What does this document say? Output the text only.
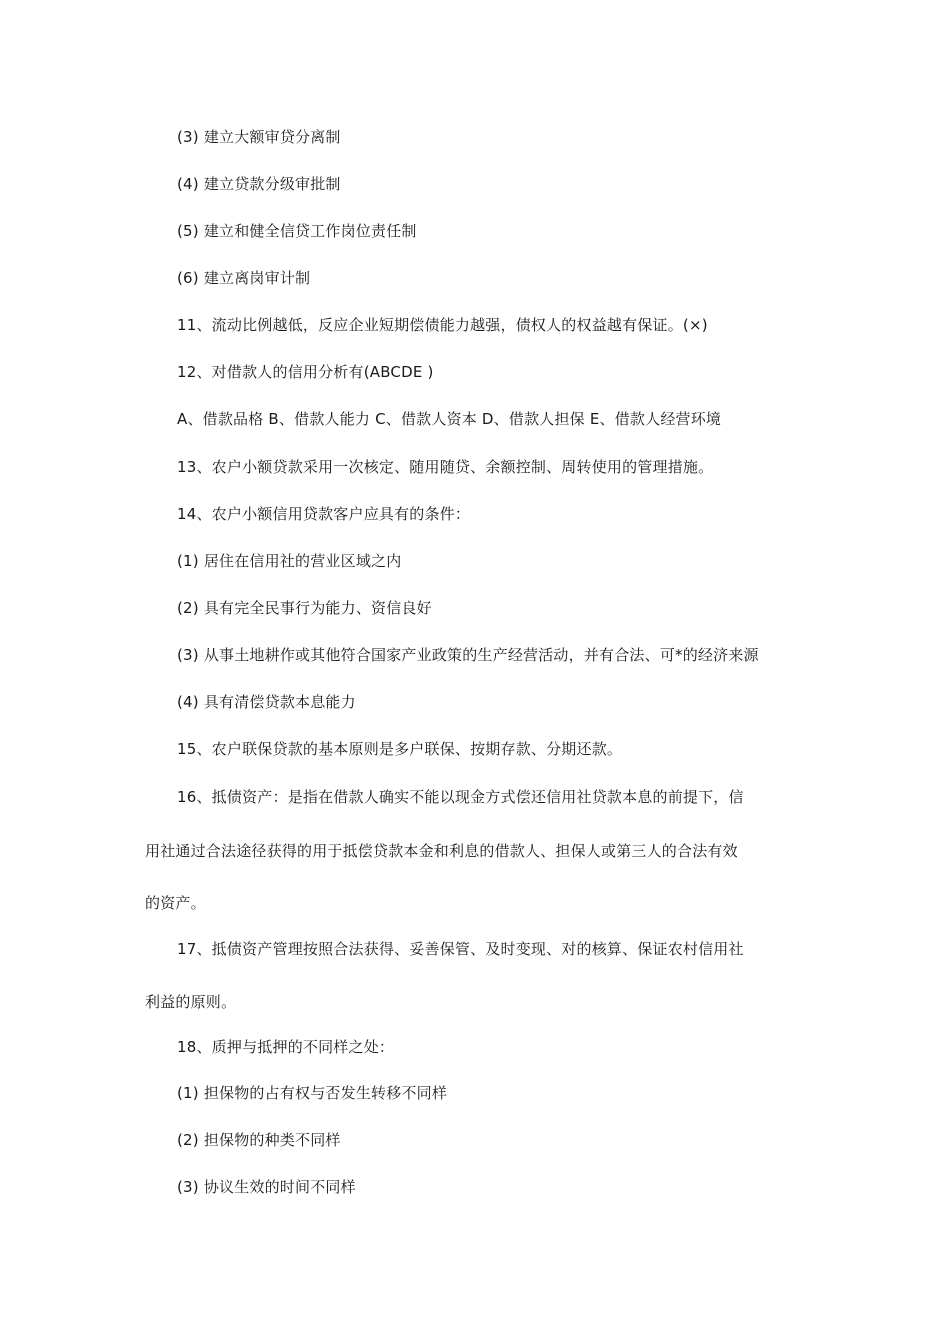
(3) 建立大额审贷分离制
(4) 建立贷款分级审批制
(5) 建立和健全信贷工作岗位责任制
(6) 建立离岗审计制
11、流动比例越低，反应企业短期偿债能力越强，债权人的权益越有保证。(×)
12、对借款人的信用分析有(ABCDE )
A、借款品格 B、借款人能力 C、借款人资本 D、借款人担保 E、借款人经营环境
13、农户小额贷款采用一次核定、随用随贷、余额控制、周转使用的管理措施。
14、农户小额信用贷款客户应具有的条件：
(1) 居住在信用社的营业区域之内
(2) 具有完全民事行为能力、资信良好
(3) 从事土地耕作或其他符合国家产业政策的生产经营活动，并有合法、可*的经济来源
(4) 具有清偿贷款本息能力
15、农户联保贷款的基本原则是多户联保、按期存款、分期还款。
16、抵债资产：是指在借款人确实不能以现金方式偿还信用社贷款本息的前提下，信
用社通过合法途径获得的用于抵偿贷款本金和利息的借款人、担保人或第三人的合法有效
的资产。
17、抵债资产管理按照合法获得、妥善保管、及时变现、对的核算、保证农村信用社
利益的原则。
18、质押与抵押的不同样之处：
(1) 担保物的占有权与否发生转移不同样
(2) 担保物的种类不同样
(3) 协议生效的时间不同样
